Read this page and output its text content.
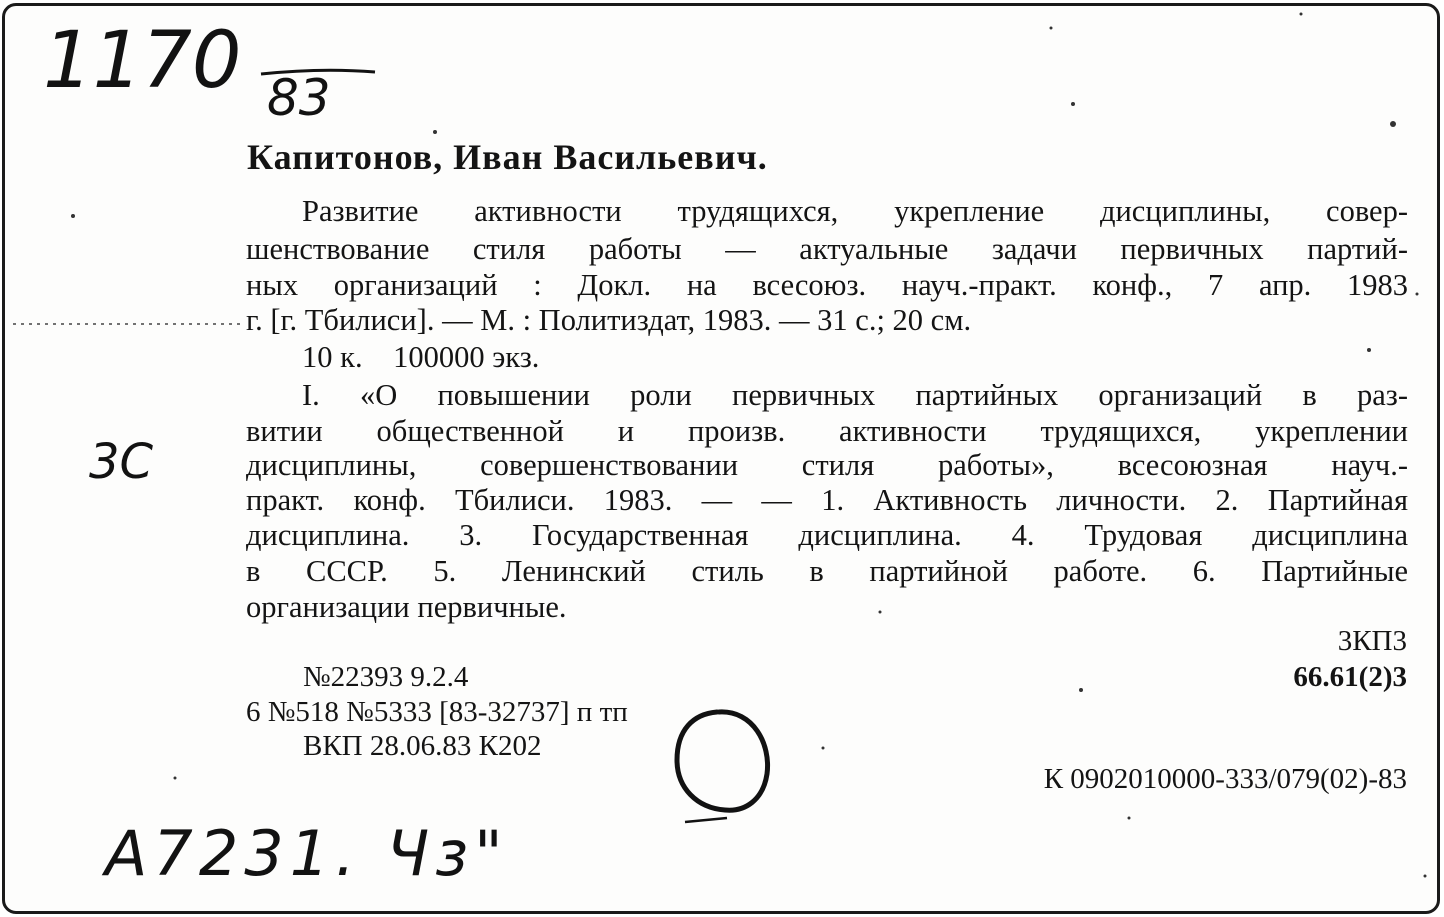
1170 83
Капитонов, Иван Васильевич.
Развитие активности трудящихся, укрепление дисциплины, совер-
шенствование стиля работы — актуальные задачи первичных партий-
ных организаций : Докл. на всесоюз. науч.-практ. конф., 7 апр. 1983
г. [г. Тбилиси]. — М. : Политиздат, 1983. — 31 с.; 20 см.
10 к.    100000 экз.
I. «О повышении роли первичных партийных организаций в раз-
витии общественной и произв. активности трудящихся, укреплении
дисциплины, совершенствовании стиля работы», всесоюзная науч.-
практ. конф. Тбилиси. 1983. — — 1. Активность личности. 2. Партийная
дисциплина. 3. Государственная дисциплина. 4. Трудовая дисциплина
в СССР. 5. Ленинский стиль в партийной работе. 6. Партийные
организации первичные.
3С
3КП3
66.61(2)3
№22393 9.2.4
6 №518 №5333 [83-32737] п тп
ВКП 28.06.83 К202
К 0902010000-333/079(02)-83
A7231. Чз"
